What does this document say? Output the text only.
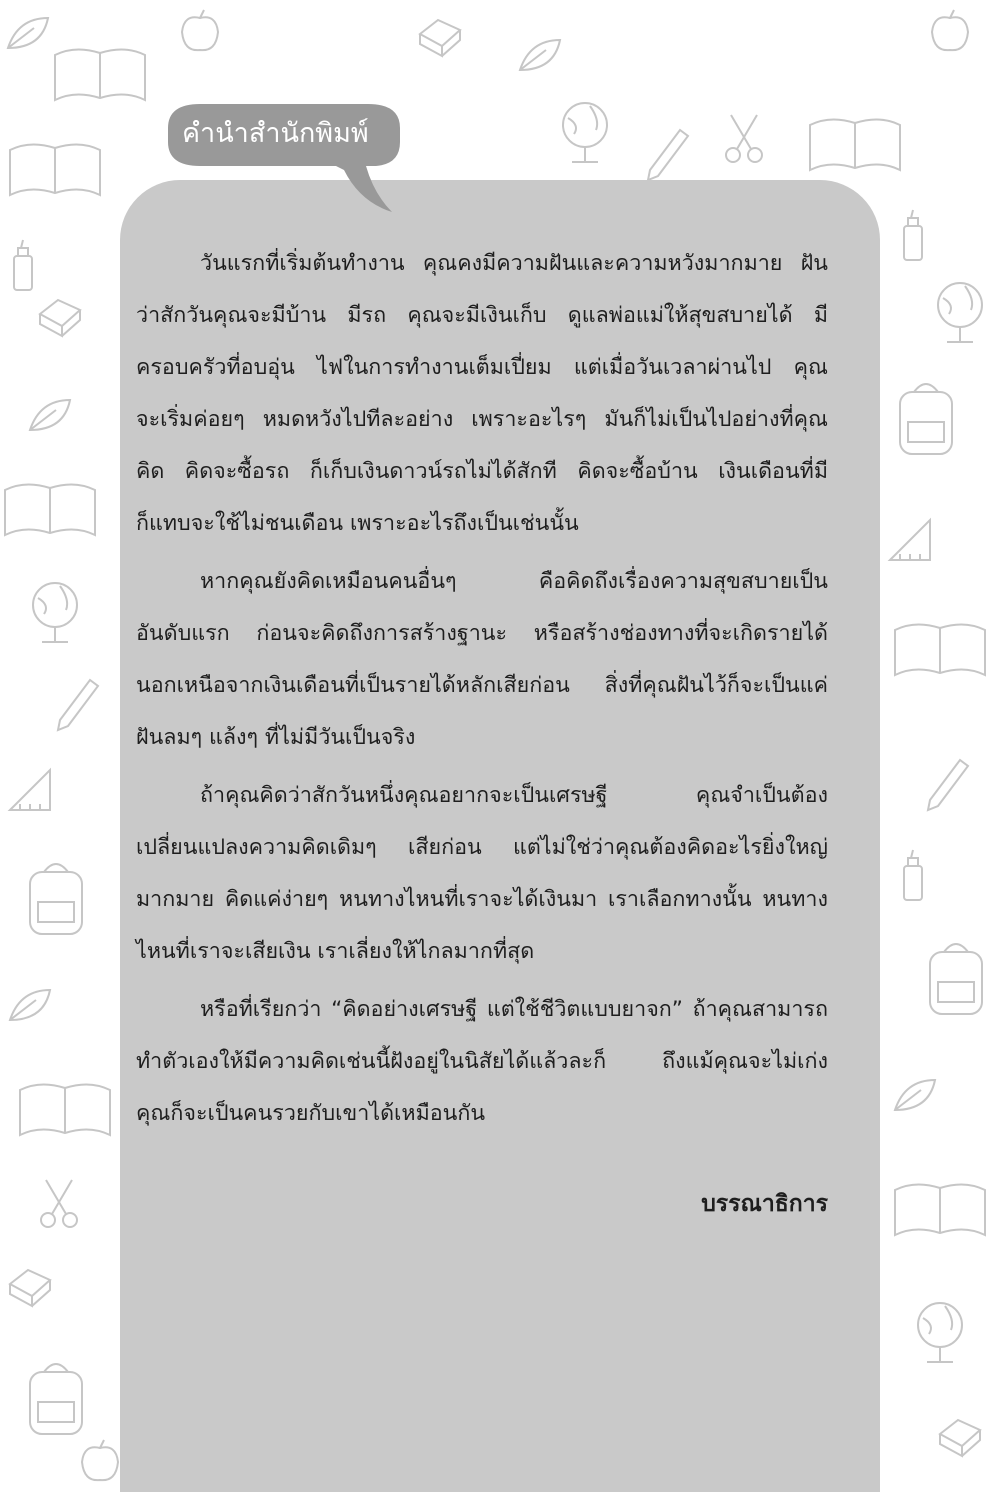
คำนำสำนักพิมพ์
วันแรกที่เริ่มต้นทำงาน คุณคงมีความฝันและความหวังมากมาย ฝัน
ว่าสักวันคุณจะมีบ้าน มีรถ คุณจะมีเงินเก็บ ดูแลพ่อแม่ให้สุขสบายได้ มี
ครอบครัวที่อบอุ่น ไฟในการทำงานเต็มเปี่ยม แต่เมื่อวันเวลาผ่านไป คุณ
จะเริ่มค่อยๆ หมดหวังไปทีละอย่าง เพราะอะไรๆ มันก็ไม่เป็นไปอย่างที่คุณ
คิด คิดจะซื้อรถ ก็เก็บเงินดาวน์รถไม่ได้สักที คิดจะซื้อบ้าน เงินเดือนที่มี
ก็แทบจะใช้ไม่ชนเดือน เพราะอะไรถึงเป็นเช่นนั้น
หากคุณยังคิดเหมือนคนอื่นๆ คือคิดถึงเรื่องความสุขสบายเป็น
อันดับแรก ก่อนจะคิดถึงการสร้างฐานะ หรือสร้างช่องทางที่จะเกิดรายได้
นอกเหนือจากเงินเดือนที่เป็นรายได้หลักเสียก่อน สิ่งที่คุณฝันไว้ก็จะเป็นแค่
ฝันลมๆ แล้งๆ ที่ไม่มีวันเป็นจริง
ถ้าคุณคิดว่าสักวันหนึ่งคุณอยากจะเป็นเศรษฐี คุณจำเป็นต้อง
เปลี่ยนแปลงความคิดเดิมๆ เสียก่อน แต่ไม่ใช่ว่าคุณต้องคิดอะไรยิ่งใหญ่
มากมาย คิดแค่ง่ายๆ หนทางไหนที่เราจะได้เงินมา เราเลือกทางนั้น หนทาง
ไหนที่เราจะเสียเงิน เราเลี่ยงให้ไกลมากที่สุด
หรือที่เรียกว่า “คิดอย่างเศรษฐี แต่ใช้ชีวิตแบบยาจก” ถ้าคุณสามารถ
ทำตัวเองให้มีความคิดเช่นนี้ฝังอยู่ในนิสัยได้แล้วละก็ ถึงแม้คุณจะไม่เก่ง
คุณก็จะเป็นคนรวยกับเขาได้เหมือนกัน
บรรณาธิการ
